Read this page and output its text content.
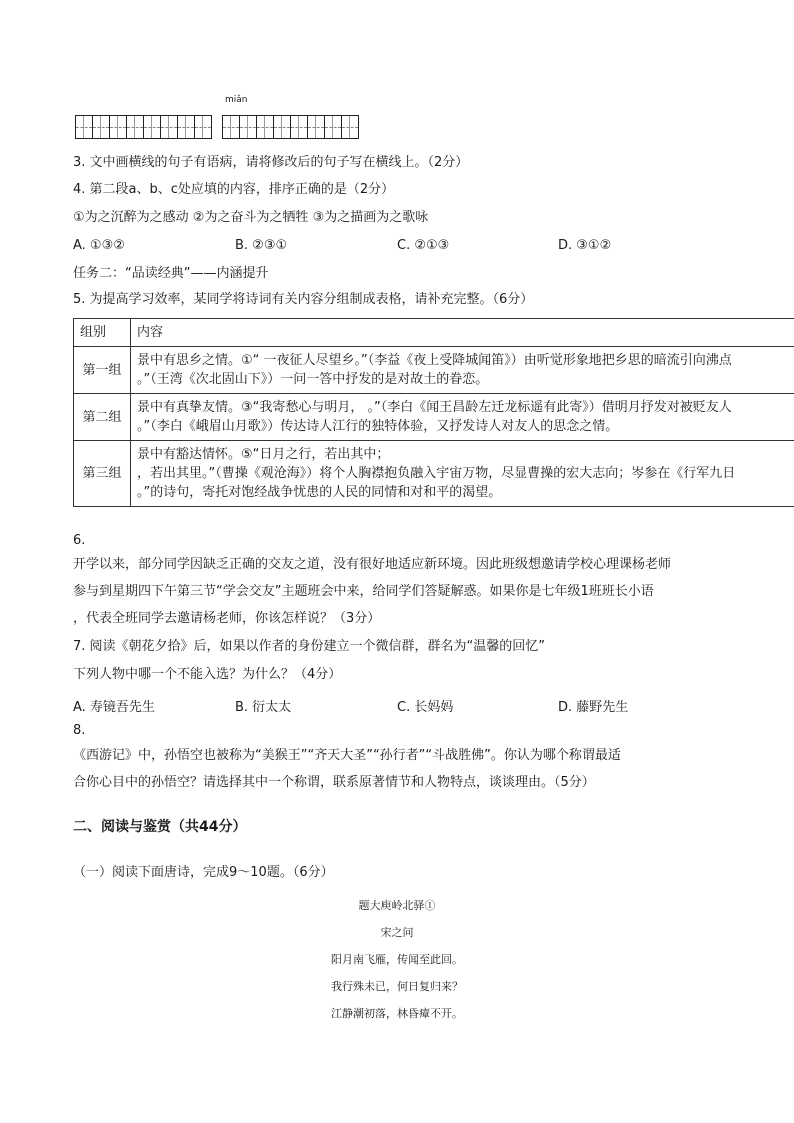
miǎn
3. 文中画横线的句子有语病，请将修改后的句子写在横线上。（2分）
4. 第二段a、b、c处应填的内容，排序正确的是（2分）
①为之沉醉为之感动 ②为之奋斗为之牺牲 ③为之描画为之歌咏
A. ①③②	B. ②③①	C. ②①③	D. ③①②
任务二：“品读经典”——内涵提升
5. 为提高学习效率，某同学将诗词有关内容分组制成表格，请补充完整。（6分）
组别	内容
第一组	景中有思乡之情。①“ 一夜征人尽望乡。”（李益《夜上受降城闻笛》）由听觉形象地把乡思的暗流引向沸点
。”（王湾《次北固山下》）一问一答中抒发的是对故土的眷恋。

第二组	景中有真挚友情。③“我寄愁心与明月， 。”（李白《闻王昌龄左迁龙标遥有此寄》）借明月抒发对被贬友人
。”（李白《峨眉山月歌》）传达诗人江行的独特体验，又抒发诗人对友人的思念之情。

第三组	景中有豁达情怀。⑤“日月之行，若出其中；
，若出其里。”（曹操《观沧海》）将个人胸襟抱负融入宇宙万物，尽显曹操的宏大志向；岑参在《行军九日
。”的诗句，寄托对饱经战争忧患的人民的同情和对和平的渴望。
6.
开学以来，部分同学因缺乏正确的交友之道，没有很好地适应新环境。因此班级想邀请学校心理课杨老师
参与到星期四下午第三节“学会交友”主题班会中来，给同学们答疑解惑。如果你是七年级1班班长小语
，代表全班同学去邀请杨老师，你该怎样说？（3分）
7. 阅读《朝花夕拾》后，如果以作者的身份建立一个微信群，群名为“温馨的回忆”
下列人物中哪一个不能入选？为什么？（4分）
A. 寿镜吾先生	B. 衍太太	C. 长妈妈	D. 藤野先生
8.
《西游记》中，孙悟空也被称为“美猴王”“齐天大圣”“孙行者”“斗战胜佛”。你认为哪个称谓最适
合你心目中的孙悟空？请选择其中一个称谓，联系原著情节和人物特点，谈谈理由。（5分）
二、阅读与鉴赏（共44分）
（一）阅读下面唐诗，完成9～10题。（6分）
题大庾岭北驿①
宋之问
阳月南飞雁，传闻至此回。
我行殊未已，何日复归来？
江静潮初落，林昏瘴不开。
